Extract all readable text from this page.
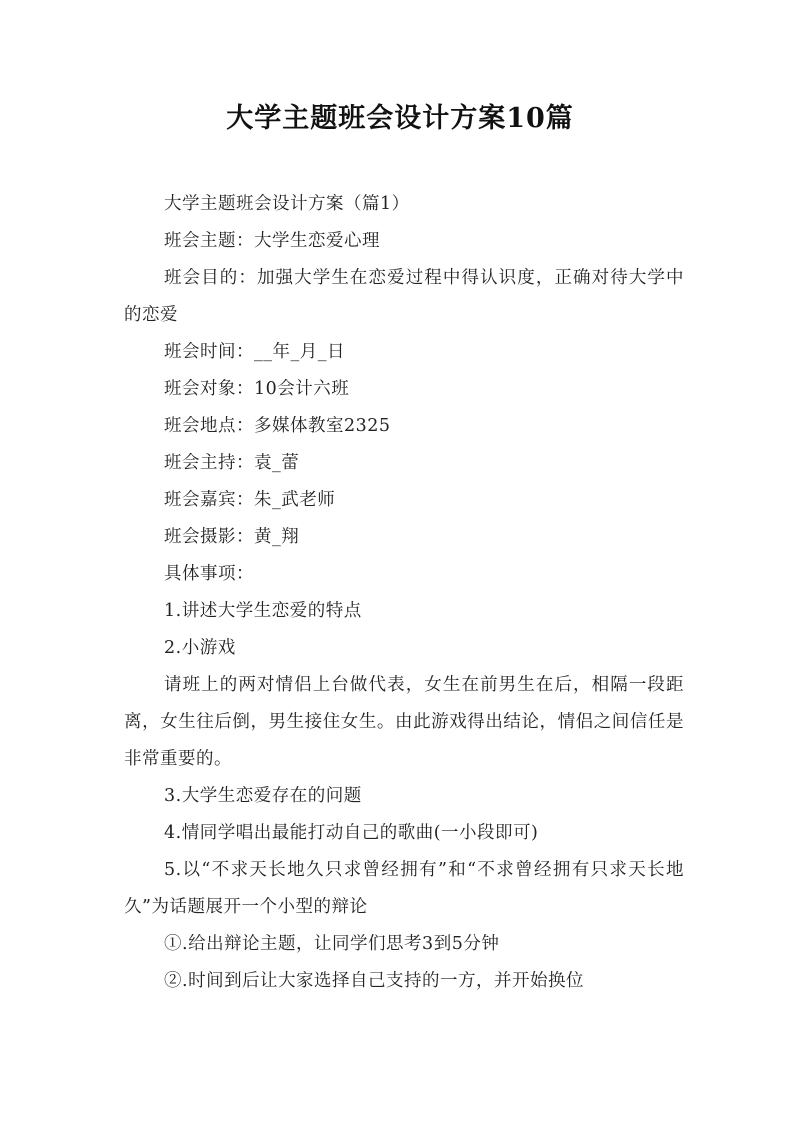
大学主题班会设计方案10篇

大学主题班会设计方案（篇1）

班会主题：大学生恋爱心理

班会目的：加强大学生在恋爱过程中得认识度，正确对待大学中的恋爱

班会时间：__年_月_日

班会对象：10会计六班

班会地点：多媒体教室2325

班会主持：袁_蕾

班会嘉宾：朱_武老师

班会摄影：黄_翔

具体事项：

1.讲述大学生恋爱的特点

2.小游戏

请班上的两对情侣上台做代表，女生在前男生在后，相隔一段距离，女生往后倒，男生接住女生。由此游戏得出结论，情侣之间信任是非常重要的。

3.大学生恋爱存在的问题

4.情同学唱出最能打动自己的歌曲(一小段即可)

5.以“不求天长地久只求曾经拥有”和“不求曾经拥有只求天长地久”为话题展开一个小型的辩论

①.给出辩论主题，让同学们思考3到5分钟

②.时间到后让大家选择自己支持的一方，并开始换位
